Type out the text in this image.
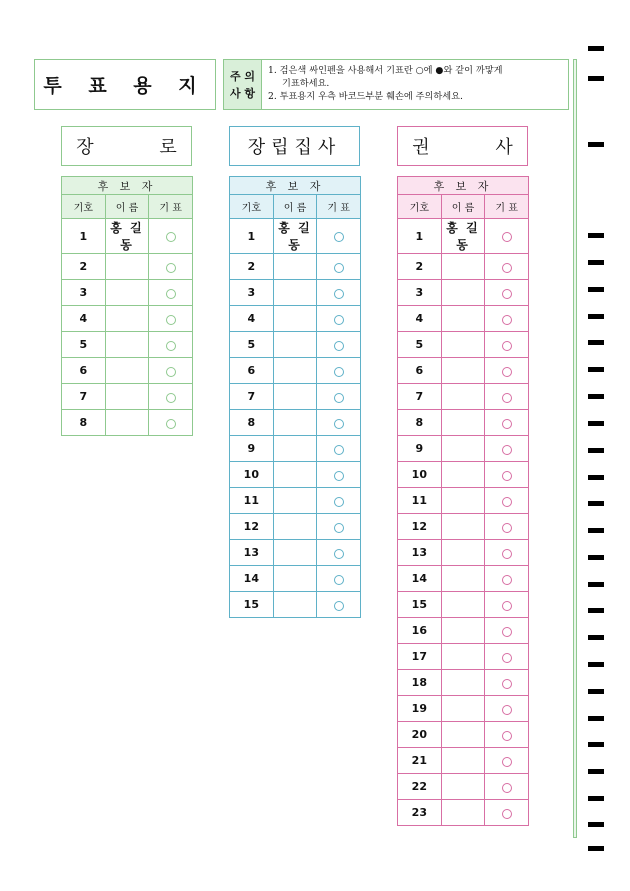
투 표 용 지	주 의
사 항
1. 검은색 싸인펜을 사용해서 기표란 ○에 ●와 같이 까맣게
기표하세요.
2. 투표용지 우측 바코드부분 훼손에 주의하세요.
장 로 장립집사	권 사
후 보 자		
기호	이 름	기 표
1	홍 길 동	
2		
3		
4		
5		
6		
7		
8		
후 보 자		
기호	이 름	기 표
1	홍 길 동	
2		
3		
4		
5		
6		
7		
8		
9		
10		
11		
12		
13		
14		
15		
후 보 자		
기호	이 름	기 표
1	홍 길 동	
2		
3		
4		
5		
6		
7		
8		
9		
10		
11		
12		
13		
14		
15		
16		
17		
18		
19		
20		
21		
22		
23		
